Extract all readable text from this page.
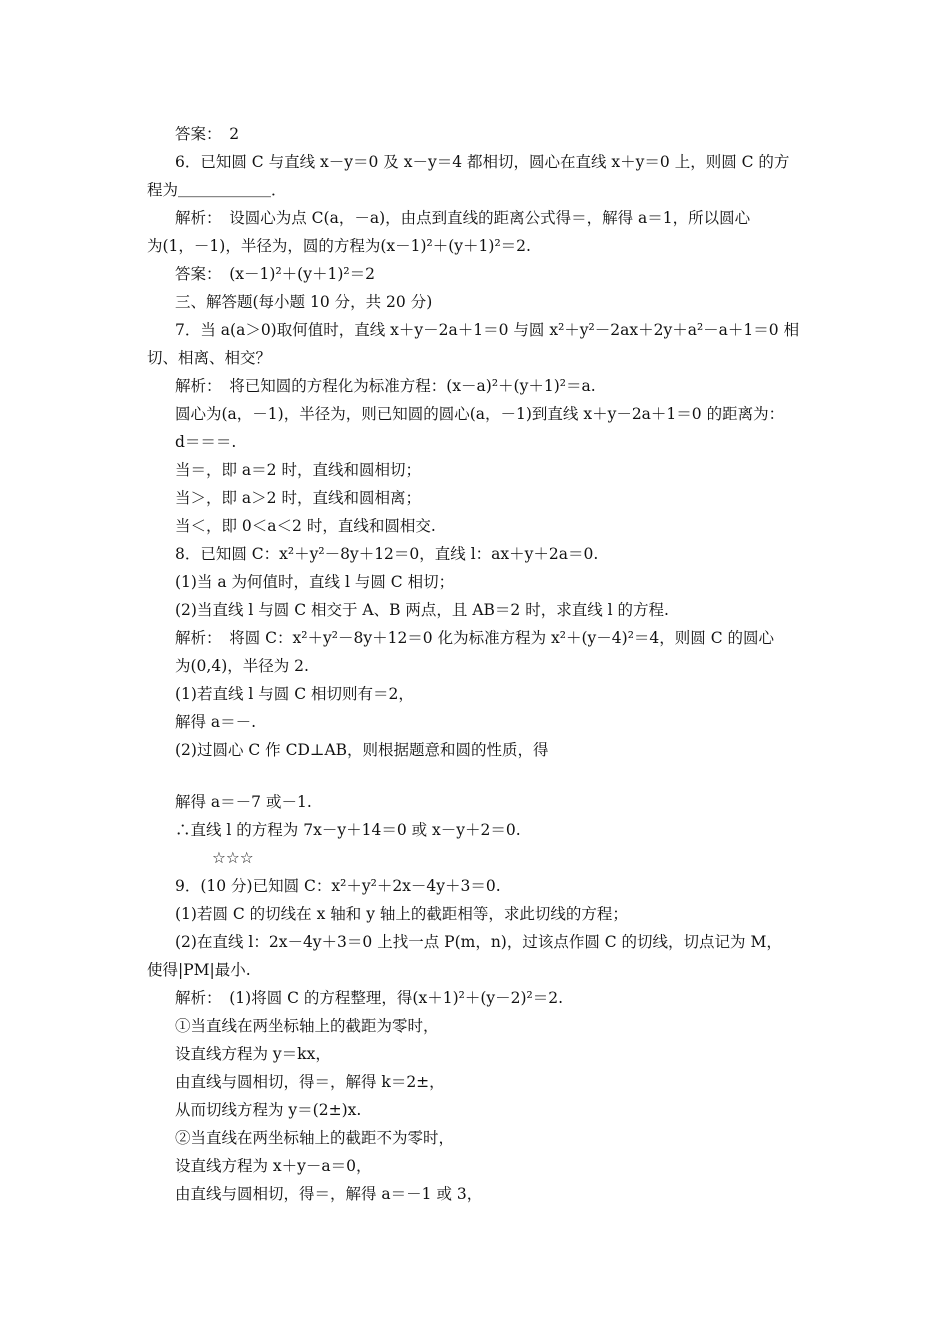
答案：　2
6．已知圆 C 与直线 x－y＝0 及 x－y＝4 都相切，圆心在直线 x＋y＝0 上，则圆 C 的方
程为＿＿＿＿＿＿．
解析：　设圆心为点 C(a，－a)，由点到直线的距离公式得＝，解得 a＝1，所以圆心
为(1，－1)，半径为，圆的方程为(x－1)²＋(y＋1)²＝2.
答案：　(x－1)²＋(y＋1)²＝2
三、解答题(每小题 10 分，共 20 分)
7．当 a(a＞0)取何值时，直线 x＋y－2a＋1＝0 与圆 x²＋y²－2ax＋2y＋a²－a＋1＝0 相
切、相离、相交？
解析：　将已知圆的方程化为标准方程：(x－a)²＋(y＋1)²＝a.
圆心为(a，－1)，半径为，则已知圆的圆心(a，－1)到直线 x＋y－2a＋1＝0 的距离为：
d＝＝＝.
当＝，即 a＝2 时，直线和圆相切；
当＞，即 a＞2 时，直线和圆相离；
当＜，即 0＜a＜2 时，直线和圆相交.
8．已知圆 C：x²＋y²－8y＋12＝0，直线 l：ax＋y＋2a＝0.
(1)当 a 为何值时，直线 l 与圆 C 相切；
(2)当直线 l 与圆 C 相交于 A、B 两点，且 AB＝2 时，求直线 l 的方程.
解析：　将圆 C：x²＋y²－8y＋12＝0 化为标准方程为 x²＋(y－4)²＝4，则圆 C 的圆心
为(0,4)，半径为 2.
(1)若直线 l 与圆 C 相切则有＝2，
解得 a＝－.
(2)过圆心 C 作 CD⊥AB，则根据题意和圆的性质，得
解得 a＝－7 或－1.
∴直线 l 的方程为 7x－y＋14＝0 或 x－y＋2＝0.
☆☆☆
9．(10 分)已知圆 C：x²＋y²＋2x－4y＋3＝0.
(1)若圆 C 的切线在 x 轴和 y 轴上的截距相等，求此切线的方程；
(2)在直线 l：2x－4y＋3＝0 上找一点 P(m，n)，过该点作圆 C 的切线，切点记为 M，
使得|PM|最小.
解析：　(1)将圆 C 的方程整理，得(x＋1)²＋(y－2)²＝2.
①当直线在两坐标轴上的截距为零时，
设直线方程为 y＝kx，
由直线与圆相切，得＝，解得 k＝2±，
从而切线方程为 y＝(2±)x.
②当直线在两坐标轴上的截距不为零时，
设直线方程为 x＋y－a＝0，
由直线与圆相切，得＝，解得 a＝－1 或 3，
